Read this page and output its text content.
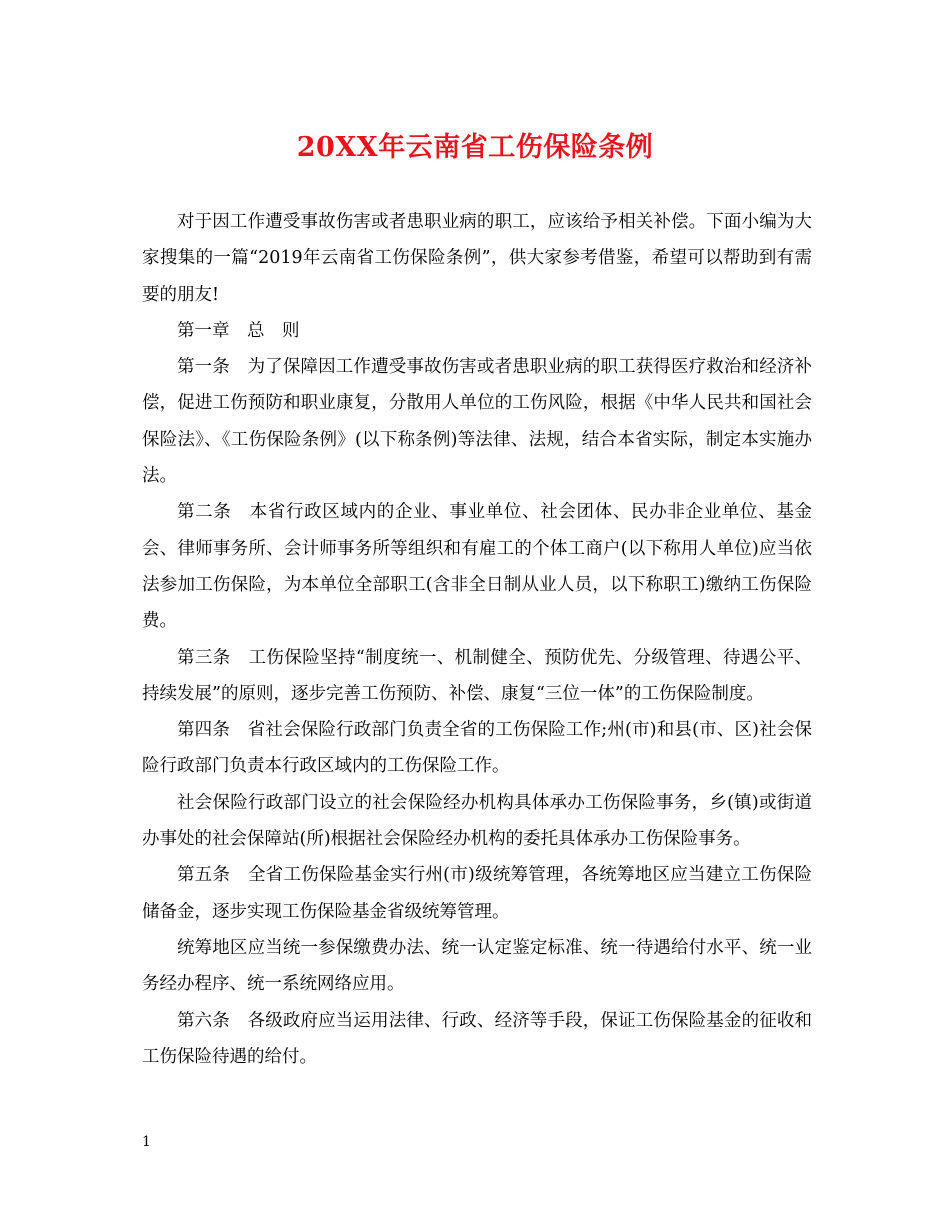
20XX年云南省工伤保险条例

对于因工作遭受事故伤害或者患职业病的职工，应该给予相关补偿。下面小编为大家搜集的一篇“2019年云南省工伤保险条例”，供大家参考借鉴，希望可以帮助到有需要的朋友!

第一章　总　则

第一条　为了保障因工作遭受事故伤害或者患职业病的职工获得医疗救治和经济补偿，促进工伤预防和职业康复，分散用人单位的工伤风险，根据《中华人民共和国社会保险法》、《工伤保险条例》(以下称条例)等法律、法规，结合本省实际，制定本实施办法。

第二条　本省行政区域内的企业、事业单位、社会团体、民办非企业单位、基金会、律师事务所、会计师事务所等组织和有雇工的个体工商户(以下称用人单位)应当依法参加工伤保险，为本单位全部职工(含非全日制从业人员，以下称职工)缴纳工伤保险费。

第三条　工伤保险坚持“制度统一、机制健全、预防优先、分级管理、待遇公平、持续发展”的原则，逐步完善工伤预防、补偿、康复“三位一体”的工伤保险制度。

第四条　省社会保险行政部门负责全省的工伤保险工作;州(市)和县(市、区)社会保险行政部门负责本行政区域内的工伤保险工作。

社会保险行政部门设立的社会保险经办机构具体承办工伤保险事务，乡(镇)或街道办事处的社会保障站(所)根据社会保险经办机构的委托具体承办工伤保险事务。

第五条　全省工伤保险基金实行州(市)级统筹管理，各统筹地区应当建立工伤保险储备金，逐步实现工伤保险基金省级统筹管理。

统筹地区应当统一参保缴费办法、统一认定鉴定标准、统一待遇给付水平、统一业务经办程序、统一系统网络应用。

第六条　各级政府应当运用法律、行政、经济等手段，保证工伤保险基金的征收和工伤保险待遇的给付。

1
